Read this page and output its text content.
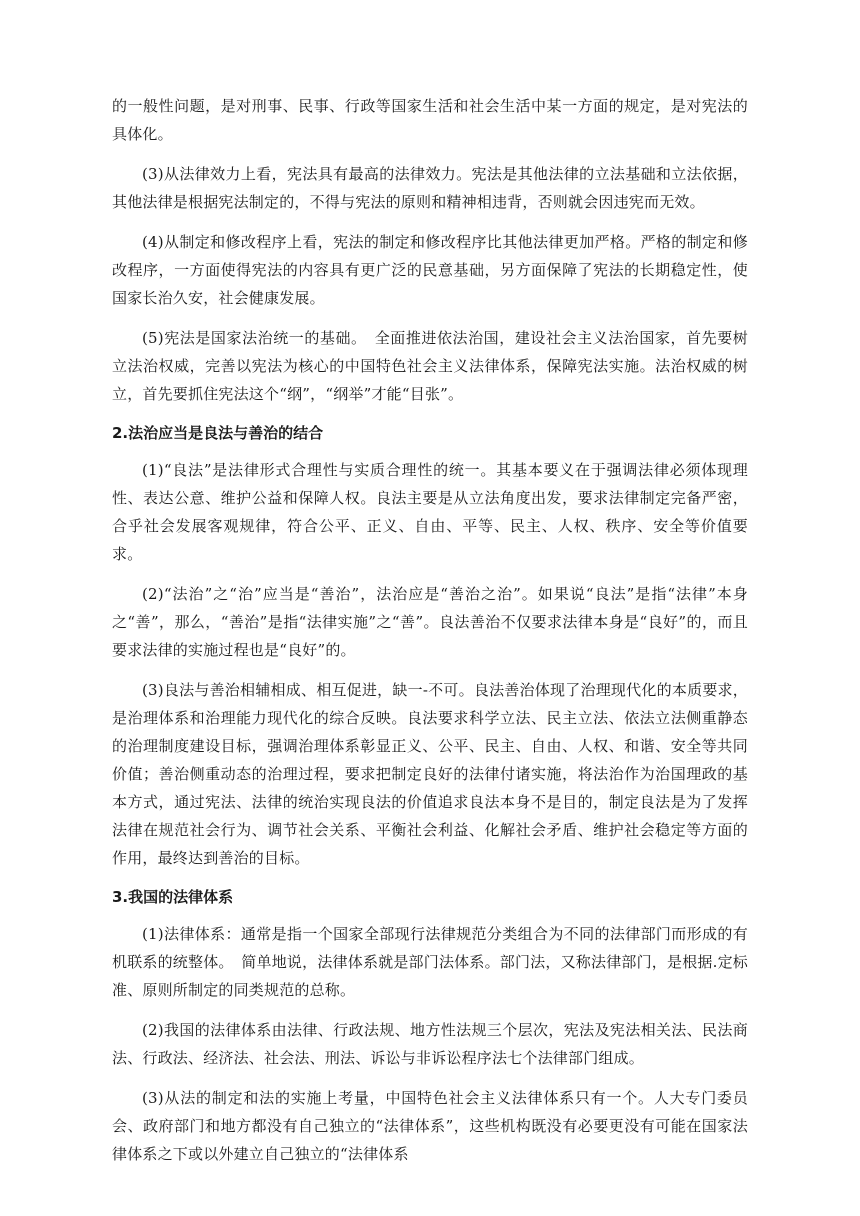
的一般性问题，是对刑事、民事、行政等国家生活和社会生活中某一方面的规定，是对宪法的具体化。

(3)从法律效力上看，宪法具有最高的法律效力。宪法是其他法律的立法基础和立法依据，其他法律是根据宪法制定的，不得与宪法的原则和精神相违背，否则就会因违宪而无效。

(4)从制定和修改程序上看，宪法的制定和修改程序比其他法律更加严格。严格的制定和修改程序，一方面使得宪法的内容具有更广泛的民意基础，另方面保障了宪法的长期稳定性，使国家长治久安，社会健康发展。

(5)宪法是国家法治统一的基础。　全面推进依法治国，建设社会主义法治国家，首先要树立法治权威，完善以宪法为核心的中国特色社会主义法律体系，保障宪法实施。法治权威的树立，首先要抓住宪法这个“纲”，“纲举”才能“目张”。

2.法治应当是良法与善治的结合

(1)“良法”是法律形式合理性与实质合理性的统一。其基本要义在于强调法律必须体现理性、表达公意、维护公益和保障人权。良法主要是从立法角度出发，要求法律制定完备严密，合乎社会发展客观规律，符合公平、正义、自由、平等、民主、人权、秩序、安全等价值要求。

(2)“法治”之“治”应当是“善治”，法治应是“善治之治”。如果说“良法”是指“法律”本身之“善”，那么，“善治”是指“法律实施”之“善”。良法善治不仅要求法律本身是“良好”的，而且要求法律的实施过程也是“良好”的。

(3)良法与善治相辅相成、相互促进，缺一-不可。良法善治体现了治理现代化的本质要求，是治理体系和治理能力现代化的综合反映。良法要求科学立法、民主立法、依法立法侧重静态的治理制度建设目标，强调治理体系彰显正义、公平、民主、自由、人权、和谐、安全等共同价值；善治侧重动态的治理过程，要求把制定良好的法律付诸实施，将法治作为治国理政的基本方式，通过宪法、法律的统治实现良法的价值追求良法本身不是目的，制定良法是为了发挥法律在规范社会行为、调节社会关系、平衡社会利益、化解社会矛盾、维护社会稳定等方面的作用，最终达到善治的目标。

3.我国的法律体系

(1)法律体系：通常是指一个国家全部现行法律规范分类组合为不同的法律部门而形成的有机联系的统整体。　简单地说，法律体系就是部门法体系。部门法，又称法律部门，是根据.定标准、原则所制定的同类规范的总称。

(2)我国的法律体系由法律、行政法规、地方性法规三个层次，宪法及宪法相关法、民法商法、行政法、经济法、社会法、刑法、诉讼与非诉讼程序法七个法律部门组成。

(3)从法的制定和法的实施上考量，中国特色社会主义法律体系只有一个。人大专门委员会、政府部门和地方都没有自己独立的“法律体系”，这些机构既没有必要更没有可能在国家法律体系之下或以外建立自己独立的“法律体系
